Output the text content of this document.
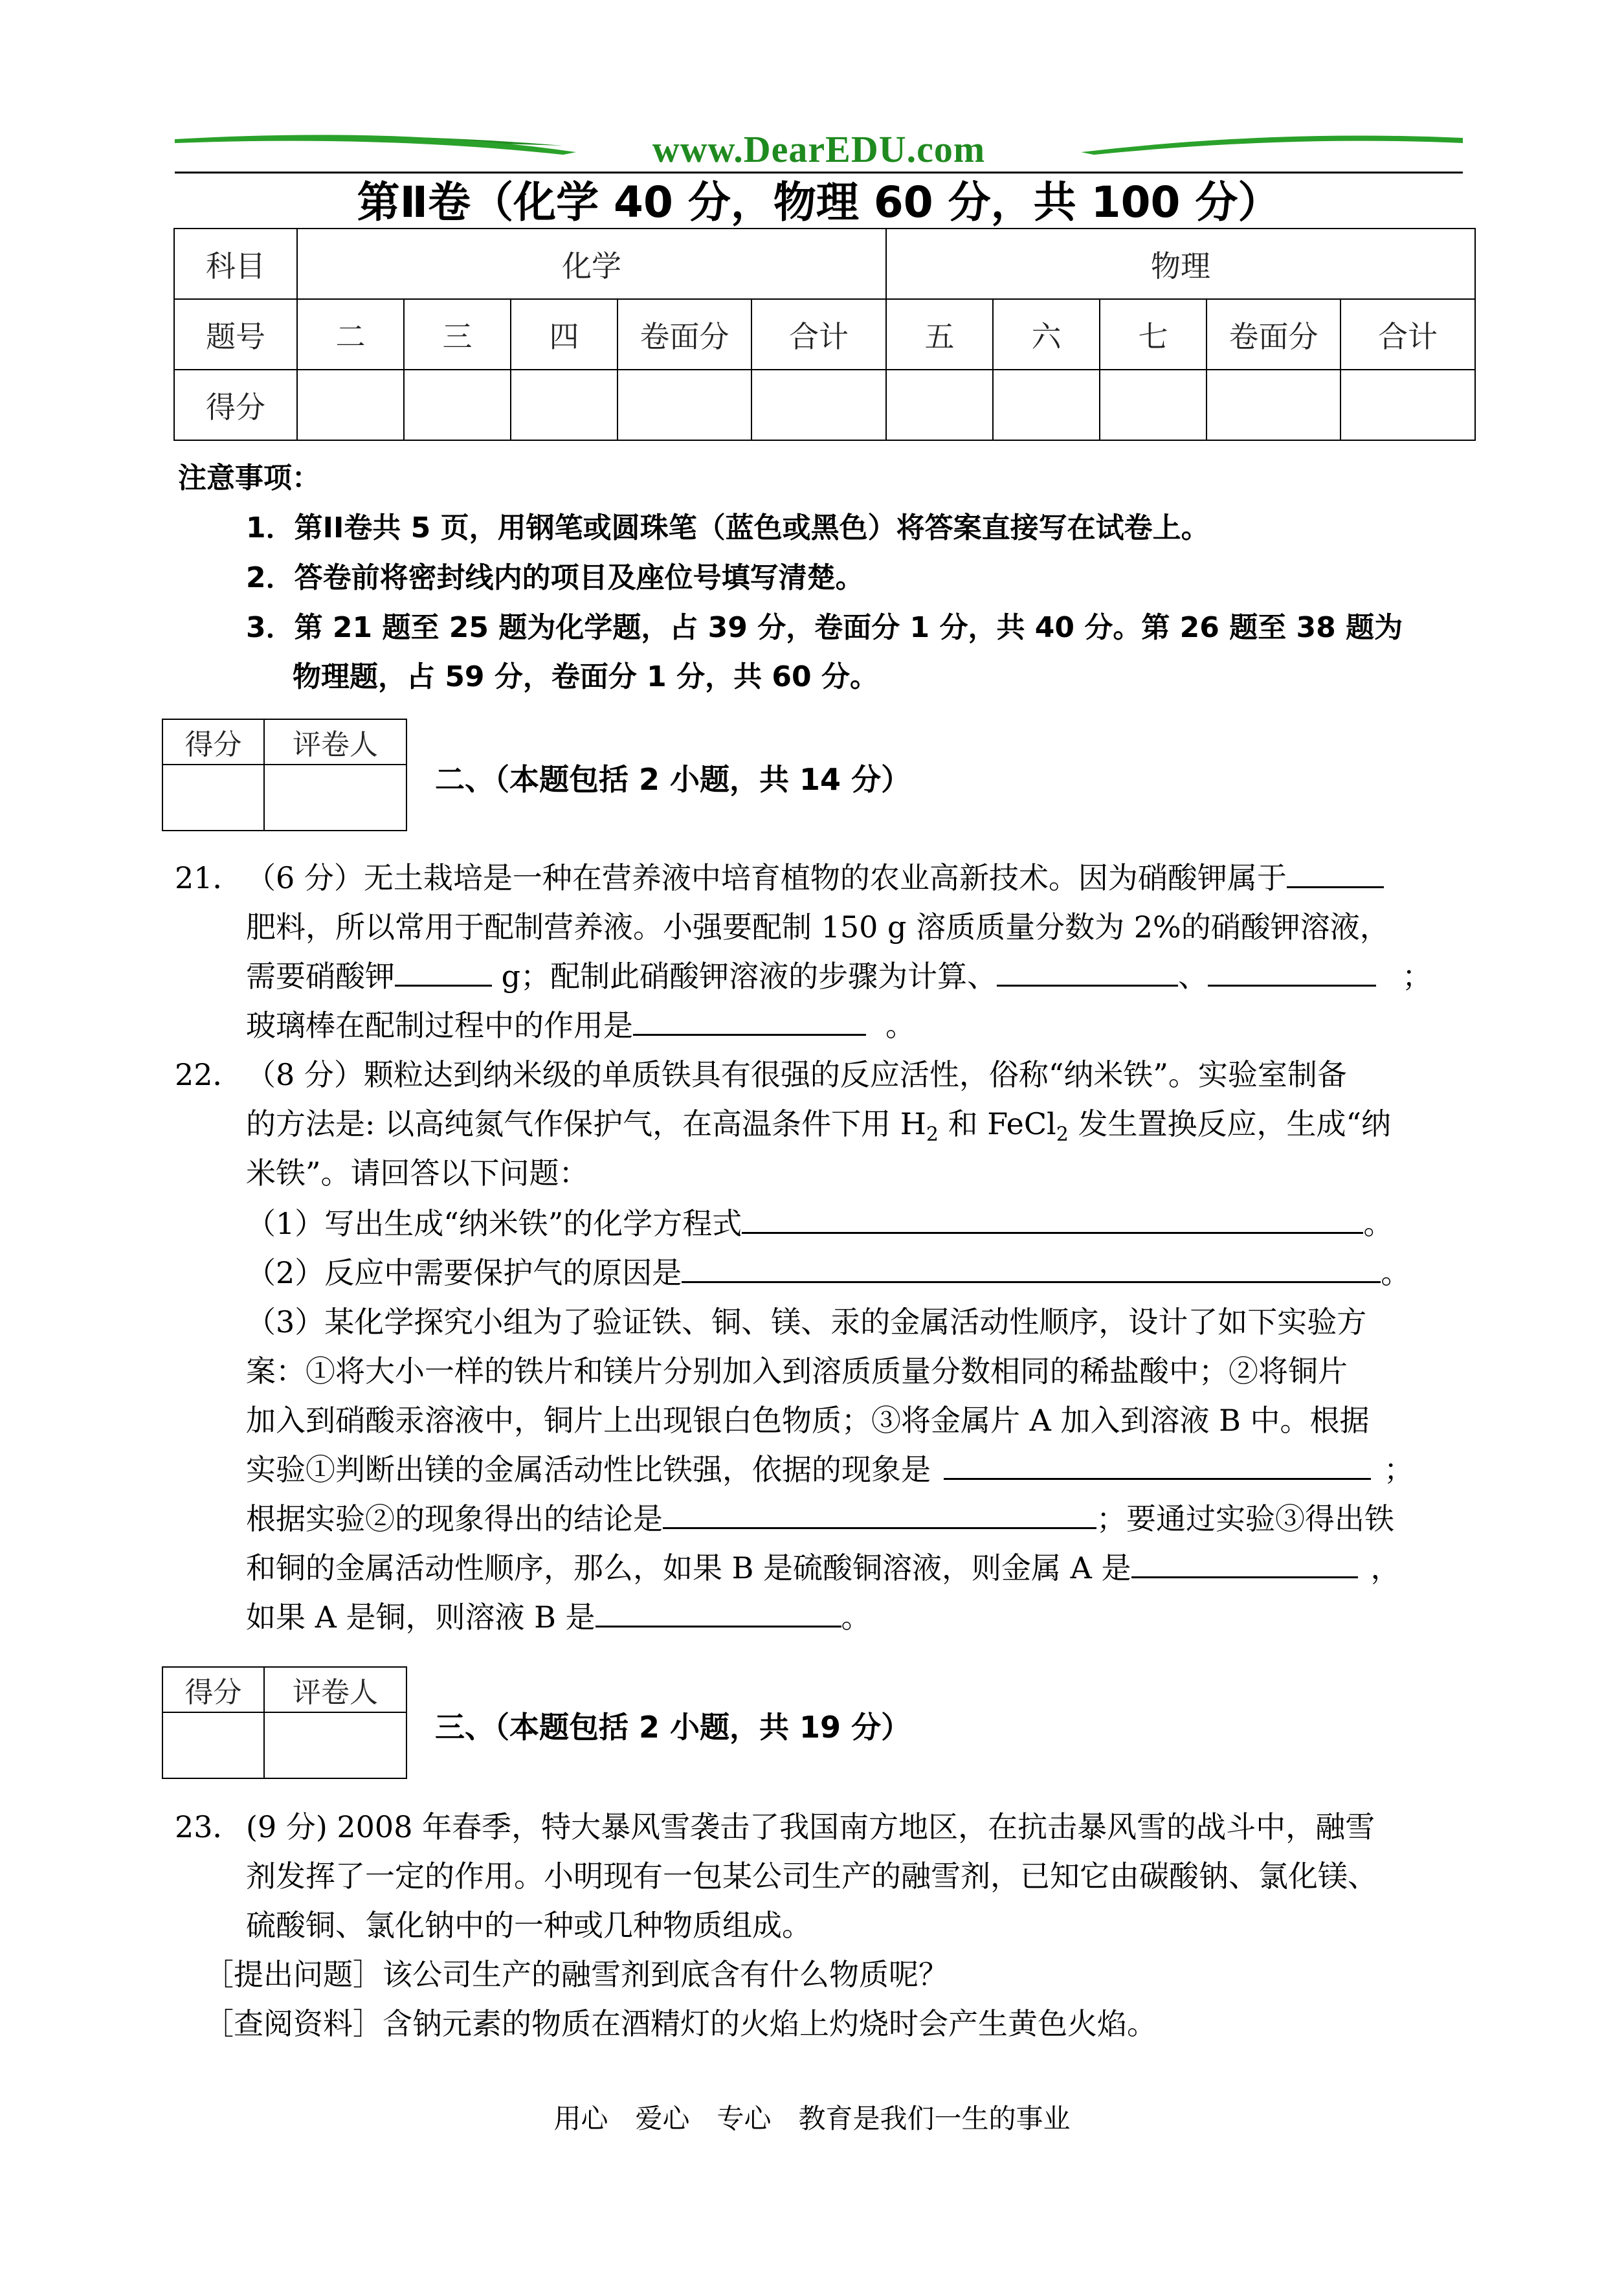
www.DearEDU.com
第Ⅱ卷（化学 40 分，物理 60 分，共 100 分）
科目	化学					物理				
题号	二	三	四	卷面分	合计	五	六	七	卷面分	合计
得分										
注意事项：
1．第II卷共 5 页，用钢笔或圆珠笔（蓝色或黑色）将答案直接写在试卷上。
2．答卷前将密封线内的项目及座位号填写清楚。
3．第 21 题至 25 题为化学题，占 39 分，卷面分 1 分，共 40 分。第 26 题至 38 题为
物理题，占 59 分，卷面分 1 分，共 60 分。
得分	评卷人

二、（本题包括 2 小题，共 14 分）
21． （6 分）无土栽培是一种在营养液中培育植物的农业高新技术。因为硝酸钾属于
肥料，所以常用于配制营养液。小强要配制 150 g 溶质质量分数为 2%的硝酸钾溶液，
需要硝酸钾	g；配制此硝酸钾溶液的步骤为计算、	、	；
玻璃棒在配制过程中的作用是	。
22． （8 分）颗粒达到纳米级的单质铁具有很强的反应活性，俗称“纳米铁”。实验室制备
的方法是: 以高纯氮气作保护气，在高温条件下用 $H_2$ 和 FeCl$_2$ 发生置换反应，生成“纳
米铁”。请回答以下问题：
（1）写出生成“纳米铁”的化学方程式	。
（2）反应中需要保护气的原因是	。
（3）某化学探究小组为了验证铁、铜、镁、汞的金属活动性顺序，设计了如下实验方
案：①将大小一样的铁片和镁片分别加入到溶质质量分数相同的稀盐酸中；②将铜片
加入到硝酸汞溶液中，铜片上出现银白色物质；③将金属片 A 加入到溶液 B 中。根据
实验①判断出镁的金属活动性比铁强，依据的现象是	；
根据实验②的现象得出的结论是	；要通过实验③得出铁
和铜的金属活动性顺序，那么，如果 B 是硫酸铜溶液，则金属 A 是	，
如果 A 是铜，则溶液 B 是	。
得分	评卷人

三、（本题包括 2 小题，共 19 分）
23． (9 分) 2008 年春季，特大暴风雪袭击了我国南方地区，在抗击暴风雪的战斗中，融雪
剂发挥了一定的作用。小明现有一包某公司生产的融雪剂，已知它由碳酸钠、氯化镁、
硫酸铜、氯化钠中的一种或几种物质组成。
［提出问题］该公司生产的融雪剂到底含有什么物质呢？
［查阅资料］含钠元素的物质在酒精灯的火焰上灼烧时会产生黄色火焰。
用心　爱心　专心　教育是我们一生的事业
